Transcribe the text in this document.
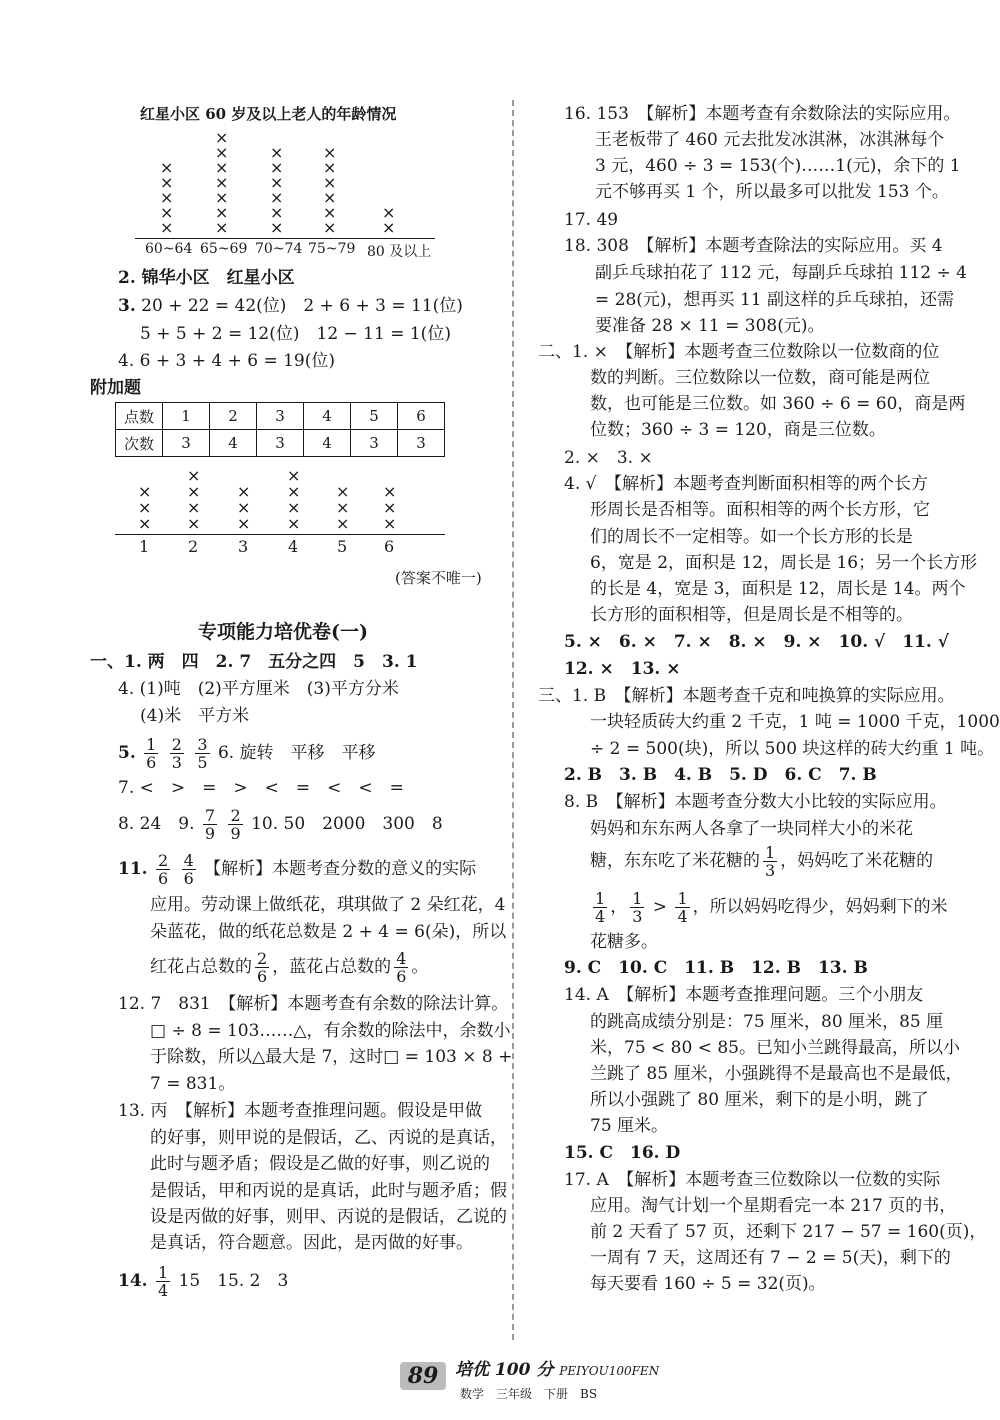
红星小区 60 岁及以上老人的年龄情况
×
×
×
×
×
60~64
×
×
×
×
×
×
×
65~69
×
×
×
×
×
×
70~74
×
×
×
×
×
×
75~79
×
×
80 及以上
2. 锦华小区　红星小区
3. 20 + 22 = 42(位)　2 + 6 + 3 = 11(位)
5 + 5 + 2 = 12(位)　12 − 11 = 1(位)
4. 6 + 3 + 4 + 6 = 19(位)
附加题
点数	1	2	3	4	5	6
次数	3	4	3	4	3	3
×
×
×
1
×
×
×
×
2
×
×
×
3
×
×
×
×
4
×
×
×
5
×
×
×
6
(答案不唯一)
专项能力培优卷(一)
一、1. 两　四　2. 7　五分之四　5　3. 1
4. (1)吨　(2)平方厘米　(3)平方分米
(4)米　平方米
5. $\frac{1}{6}$
$\frac{2}{3}$
$\frac{3}{5} 6$. 旋转　平移　平移
7. <　>　=　>　<　=　<　<　=
8. 24　9. $\frac{7}{9}$
$\frac{2}{9} 10$. 50　2000　300　8
11. $\frac{2}{6}$
$\frac{4}{6}$ 【解析】本题考查分数的意义的实际
应用。劳动课上做纸花，琪琪做了 2 朵红花，4
朵蓝花，做的纸花总数是 2 + 4 = 6(朵)，所以
红花占总数的 $\frac{2}{6}$ ，蓝花占总数的 $\frac{4}{6}$ 。
12. 7　831　【解析】本题考查有余数的除法计算。
□ ÷ 8 = 103……△，有余数的除法中，余数小
于除数，所以△最大是 7，这时□ = 103 × 8 +
7 = 831。
13. 丙　【解析】本题考查推理问题。假设是甲做
的好事，则甲说的是假话，乙、丙说的是真话，
此时与题矛盾；假设是乙做的好事，则乙说的
是假话，甲和丙说的是真话，此时与题矛盾；假
设是丙做的好事，则甲、丙说的是假话，乙说的
是真话，符合题意。因此，是丙做的好事。
14. $\frac{1}{4} 15$　15. 2　3
16. 153　【解析】本题考查有余数除法的实际应用。
王老板带了 460 元去批发冰淇淋，冰淇淋每个
3 元，460 ÷ 3 = 153(个)……1(元)，余下的 1
元不够再买 1 个，所以最多可以批发 153 个。
17. 49
18. 308　【解析】本题考查除法的实际应用。买 4
副乒乓球拍花了 112 元，每副乒乓球拍 112 ÷ 4
= 28(元)，想再买 11 副这样的乒乓球拍，还需
要准备 28 × 11 = 308(元)。
二、1. ×　【解析】本题考查三位数除以一位数商的位
数的判断。三位数除以一位数，商可能是两位
数，也可能是三位数。如 360 ÷ 6 = 60，商是两
位数；360 ÷ 3 = 120，商是三位数。
2. ×　3. ×
4. √　【解析】本题考查判断面积相等的两个长方
形周长是否相等。面积相等的两个长方形，它
们的周长不一定相等。如一个长方形的长是
6，宽是 2，面积是 12，周长是 16；另一个长方形
的长是 4，宽是 3，面积是 12，周长是 14。两个
长方形的面积相等，但是周长是不相等的。
5. ×　6. ×　7. ×　8. ×　9. ×　10. √　11. √
12. ×　13. ×
三、1. B　【解析】本题考查千克和吨换算的实际应用。
一块轻质砖大约重 2 千克，1 吨 = 1000 千克，1000
÷ 2 = 500(块)，所以 500 块这样的砖大约重 1 吨。
2. B　3. B　4. B　5. D　6. C　7. B
8. B　【解析】本题考查分数大小比较的实际应用。
妈妈和东东两人各拿了一块同样大小的米花
糖，东东吃了米花糖的 $\frac{1}{3}$ ，妈妈吃了米花糖的
$\frac{1}{4}$ ， $\frac{1}{3} > \frac{1}{4}$ ，所以妈妈吃得少，妈妈剩下的米
花糖多。
9. C　10. C　11. B　12. B　13. B
14. A　【解析】本题考查推理问题。三个小朋友
的跳高成绩分别是：75 厘米，80 厘米，85 厘
米，75 < 80 < 85。已知小兰跳得最高，所以小
兰跳了 85 厘米，小强跳得不是最高也不是最低，
所以小强跳了 80 厘米，剩下的是小明，跳了
75 厘米。
15. C　16. D
17. A　【解析】本题考查三位数除以一位数的实际
应用。淘气计划一个星期看完一本 217 页的书，
前 2 天看了 57 页，还剩下 217 − 57 = 160(页)，
一周有 7 天，这周还有 7 − 2 = 5(天)，剩下的
每天要看 160 ÷ 5 = 32(页)。
89 培优 100 分 PEIYOU100FEN
数学　三年级　下册　BS
